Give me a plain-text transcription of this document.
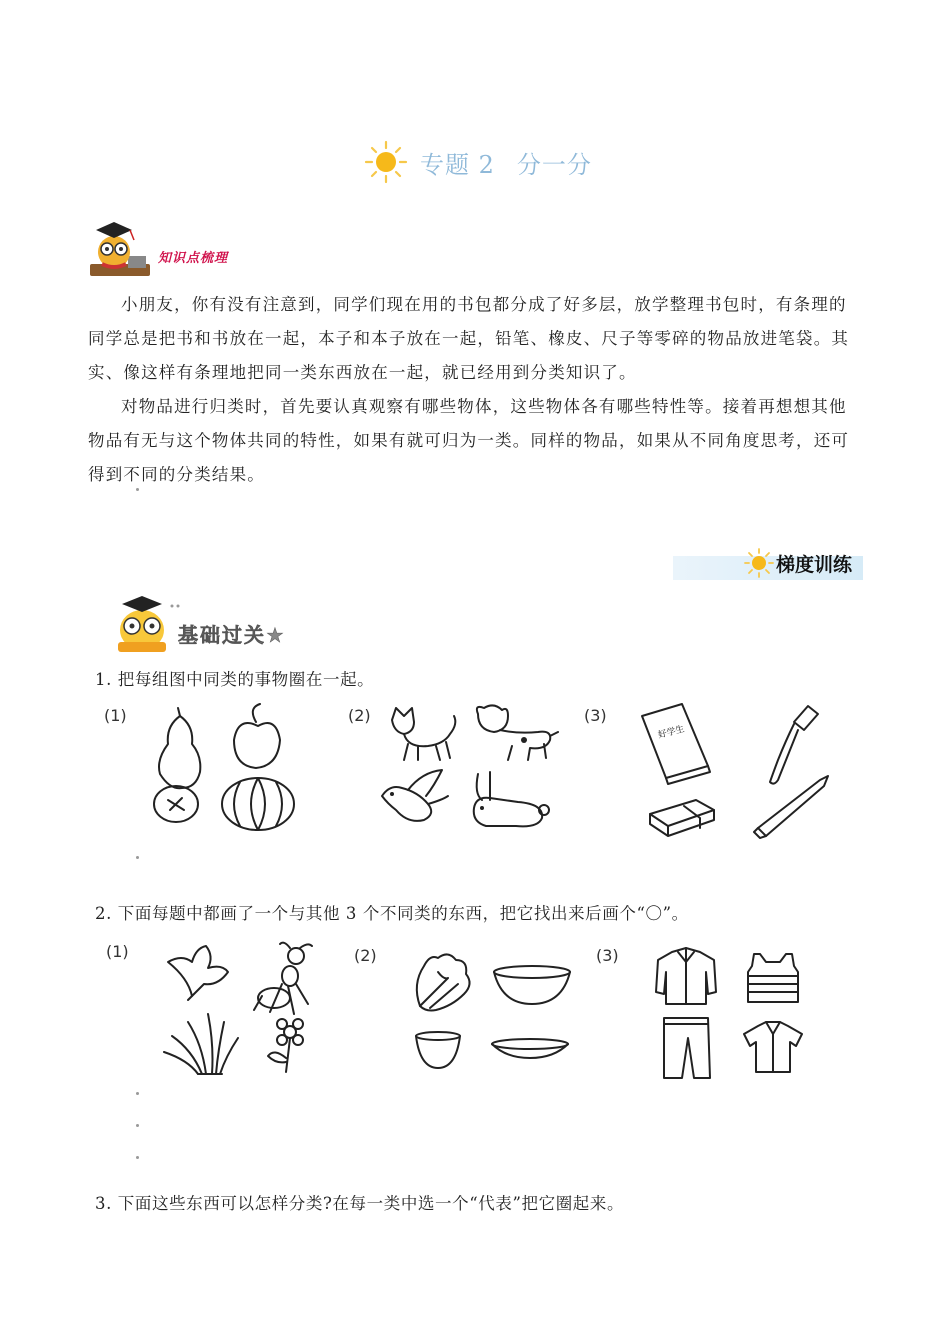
专题 2 分一分
知识点梳理
小朋友，你有没有注意到，同学们现在用的书包都分成了好多层，放学整理书包时，有条理的同学总是把书和书放在一起，本子和本子放在一起，铅笔、橡皮、尺子等零碎的物品放进笔袋。其实、像这样有条理地把同一类东西放在一起，就已经用到分类知识了。
对物品进行归类时，首先要认真观察有哪些物体，这些物体各有哪些特性等。接着再想想其他物品有无与这个物体共同的特性，如果有就可归为一类。同样的物品，如果从不同角度思考，还可得到不同的分类结果。
梯度训练
基础过关★
1. 把每组图中同类的事物圈在一起。
(1)	(2)	(3)
好学生
2. 下面每题中都画了一个与其他 3 个不同类的东西，把它找出来后画个“〇”。
(1)	(2)	(3)
3. 下面这些东西可以怎样分类?在每一类中选一个“代表”把它圈起来。
